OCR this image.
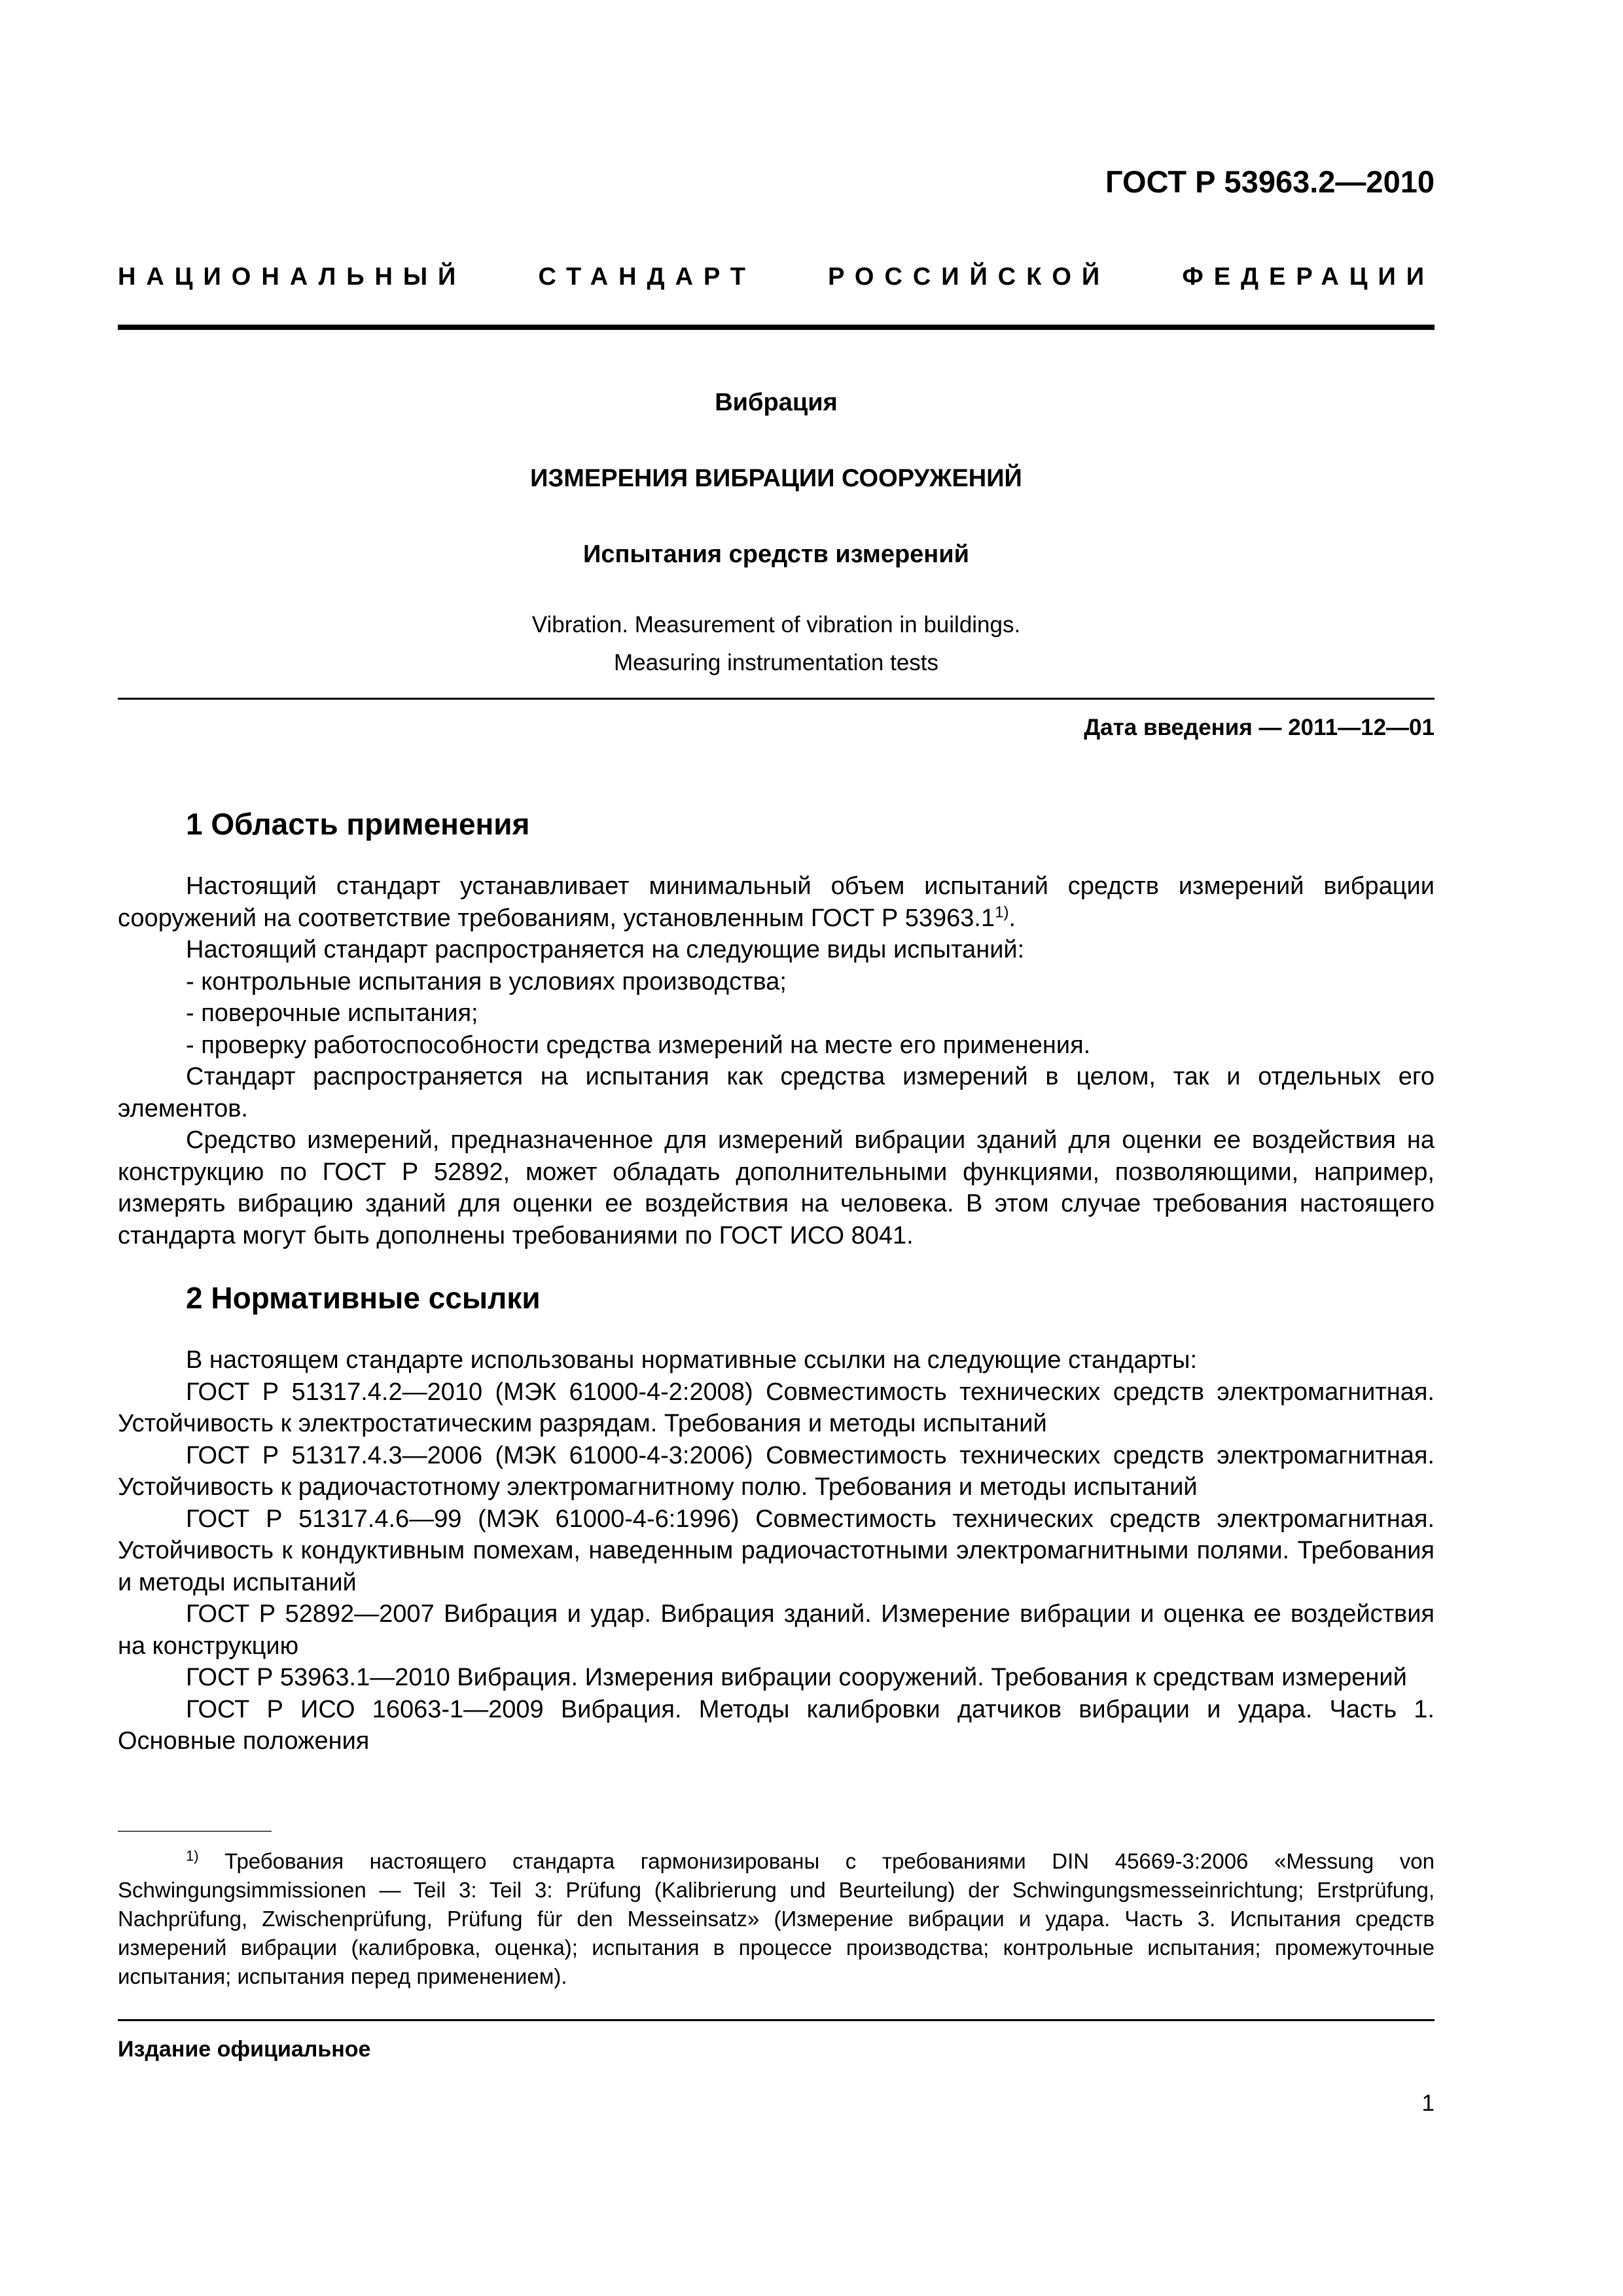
ГОСТ Р 53963.2—2010
НАЦИОНАЛЬНЫЙ	СТАНДАРТ	РОССИЙСКОЙ	ФЕДЕРАЦИИ

Вибрация

ИЗМЕРЕНИЯ ВИБРАЦИИ СООРУЖЕНИЙ

Испытания средств измерений

Vibration. Measurement of vibration in buildings.
Measuring instrumentation tests

Дата введения — 2011—12—01
1 Область применения

Настоящий стандарт устанавливает минимальный объем испытаний средств измерений вибрации сооружений на соответствие требованиям, установленным ГОСТ Р 53963.1$^{1)}$.

Настоящий стандарт распространяется на следующие виды испытаний:

- контрольные испытания в условиях производства;

- поверочные испытания;

- проверку работоспособности средства измерений на месте его применения.

Стандарт распространяется на испытания как средства измерений в целом, так и отдельных его элементов.

Средство измерений, предназначенное для измерений вибрации зданий для оценки ее воздействия на конструкцию по ГОСТ Р 52892, может обладать дополнительными функциями, позволяющими, например, измерять вибрацию зданий для оценки ее воздействия на человека. В этом случае требования настоящего стандарта могут быть дополнены требованиями по ГОСТ ИСО 8041.

2 Нормативные ссылки

В настоящем стандарте использованы нормативные ссылки на следующие стандарты:

ГОСТ Р 51317.4.2—2010 (МЭК 61000-4-2:2008) Совместимость технических средств электромагнитная. Устойчивость к электростатическим разрядам. Требования и методы испытаний

ГОСТ Р 51317.4.3—2006 (МЭК 61000-4-3:2006) Совместимость технических средств электромагнитная. Устойчивость к радиочастотному электромагнитному полю. Требования и методы испытаний

ГОСТ Р 51317.4.6—99 (МЭК 61000-4-6:1996) Совместимость технических средств электромагнитная. Устойчивость к кондуктивным помехам, наведенным радиочастотными электромагнитными полями. Требования и методы испытаний

ГОСТ Р 52892—2007 Вибрация и удар. Вибрация зданий. Измерение вибрации и оценка ее воздействия на конструкцию

ГОСТ Р 53963.1—2010 Вибрация. Измерения вибрации сооружений. Требования к средствам измерений

ГОСТ Р ИСО 16063-1—2009 Вибрация. Методы калибровки датчиков вибрации и удара. Часть 1. Основные положения

$^{1)}$ Требования настоящего стандарта гармонизированы с требованиями DIN 45669-3:2006 «Messung von Schwingungsimmissionen — Teil 3: Teil 3: Prüfung (Kalibrierung und Beurteilung) der Schwingungsmesseinrichtung; Erstprüfung, Nachprüfung, Zwischenprüfung, Prüfung für den Messeinsatz» (Измерение вибрации и удара. Часть 3. Испытания средств измерений вибрации (калибровка, оценка); испытания в процессе производства; контрольные испытания; промежуточные испытания; испытания перед применением).

Издание официальное
1
